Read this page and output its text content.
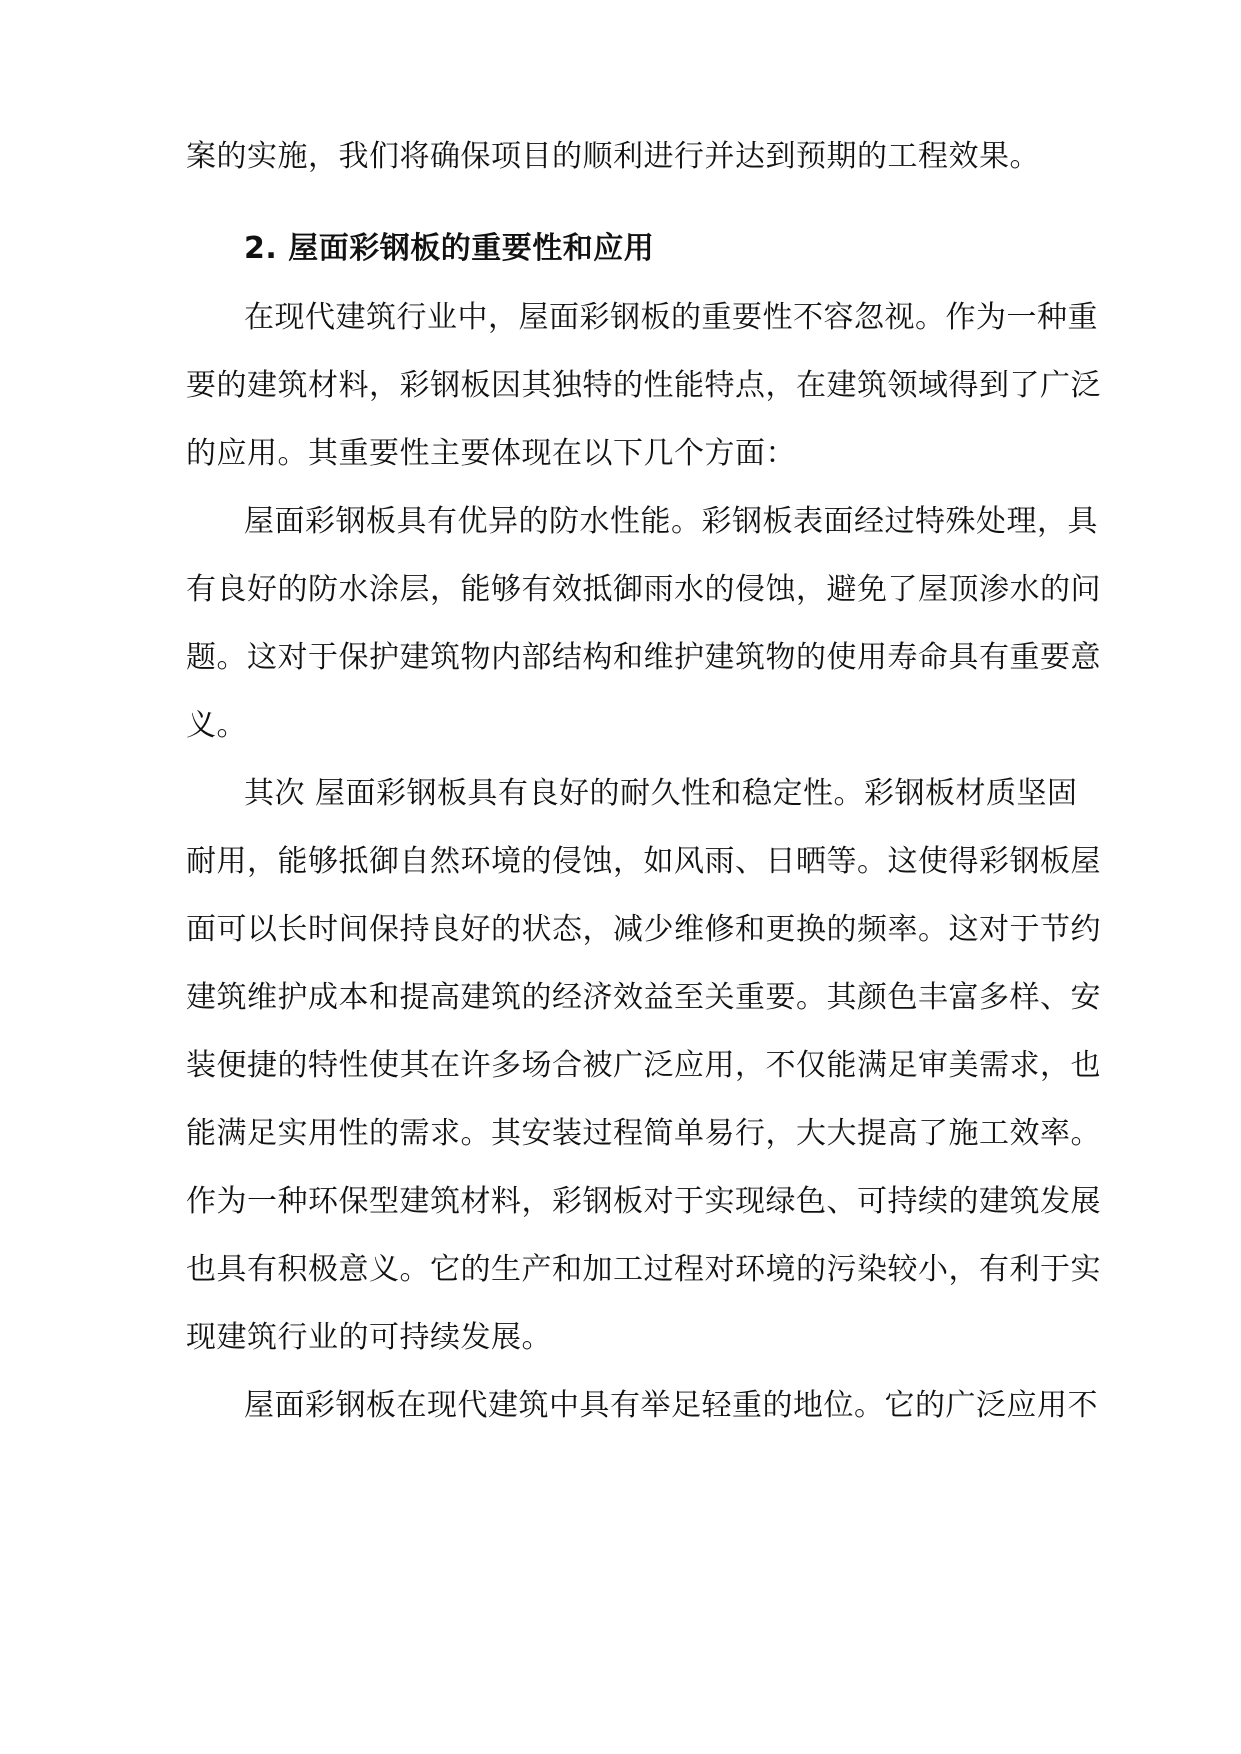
案的实施，我们将确保项目的顺利进行并达到预期的工程效果。
2. 屋面彩钢板的重要性和应用
在现代建筑行业中，屋面彩钢板的重要性不容忽视。作为一种重
要的建筑材料，彩钢板因其独特的性能特点，在建筑领域得到了广泛
的应用。其重要性主要体现在以下几个方面：
屋面彩钢板具有优异的防水性能。彩钢板表面经过特殊处理，具
有良好的防水涂层，能够有效抵御雨水的侵蚀，避免了屋顶渗水的问
题。这对于保护建筑物内部结构和维护建筑物的使用寿命具有重要意
义。
其次 屋面彩钢板具有良好的耐久性和稳定性。彩钢板材质坚固
耐用，能够抵御自然环境的侵蚀，如风雨、日晒等。这使得彩钢板屋
面可以长时间保持良好的状态，减少维修和更换的频率。这对于节约
建筑维护成本和提高建筑的经济效益至关重要。其颜色丰富多样、安
装便捷的特性使其在许多场合被广泛应用，不仅能满足审美需求，也
能满足实用性的需求。其安装过程简单易行，大大提高了施工效率。
作为一种环保型建筑材料，彩钢板对于实现绿色、可持续的建筑发展
也具有积极意义。它的生产和加工过程对环境的污染较小，有利于实
现建筑行业的可持续发展。
屋面彩钢板在现代建筑中具有举足轻重的地位。它的广泛应用不
